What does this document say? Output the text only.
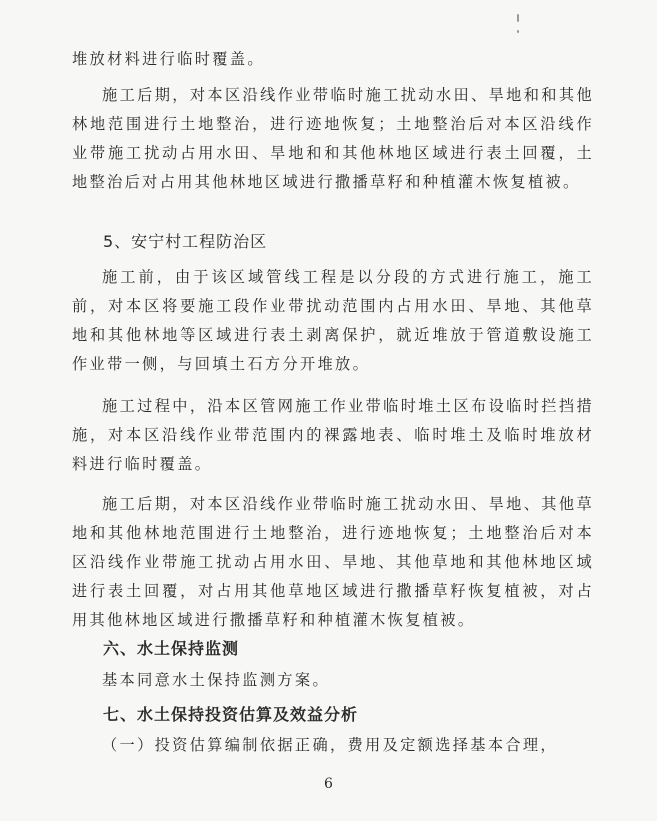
堆放材料进行临时覆盖。

施工后期，对本区沿线作业带临时施工扰动水田、旱地和和其他林地范围进行土地整治，进行迹地恢复；土地整治后对本区沿线作业带施工扰动占用水田、旱地和和其他林地区域进行表土回覆，土地整治后对占用其他林地区域进行撒播草籽和种植灌木恢复植被。

5、安宁村工程防治区

施工前，由于该区域管线工程是以分段的方式进行施工，施工前，对本区将要施工段作业带扰动范围内占用水田、旱地、其他草地和其他林地等区域进行表土剥离保护，就近堆放于管道敷设施工作业带一侧，与回填土石方分开堆放。

施工过程中，沿本区管网施工作业带临时堆土区布设临时拦挡措施，对本区沿线作业带范围内的裸露地表、临时堆土及临时堆放材料进行临时覆盖。

施工后期，对本区沿线作业带临时施工扰动水田、旱地、其他草地和其他林地范围进行土地整治，进行迹地恢复；土地整治后对本区沿线作业带施工扰动占用水田、旱地、其他草地和其他林地区域进行表土回覆，对占用其他草地区域进行撒播草籽恢复植被，对占用其他林地区域进行撒播草籽和种植灌木恢复植被。

六、水土保持监测

基本同意水土保持监测方案。

七、水土保持投资估算及效益分析

（一）投资估算编制依据正确，费用及定额选择基本合理，

6
